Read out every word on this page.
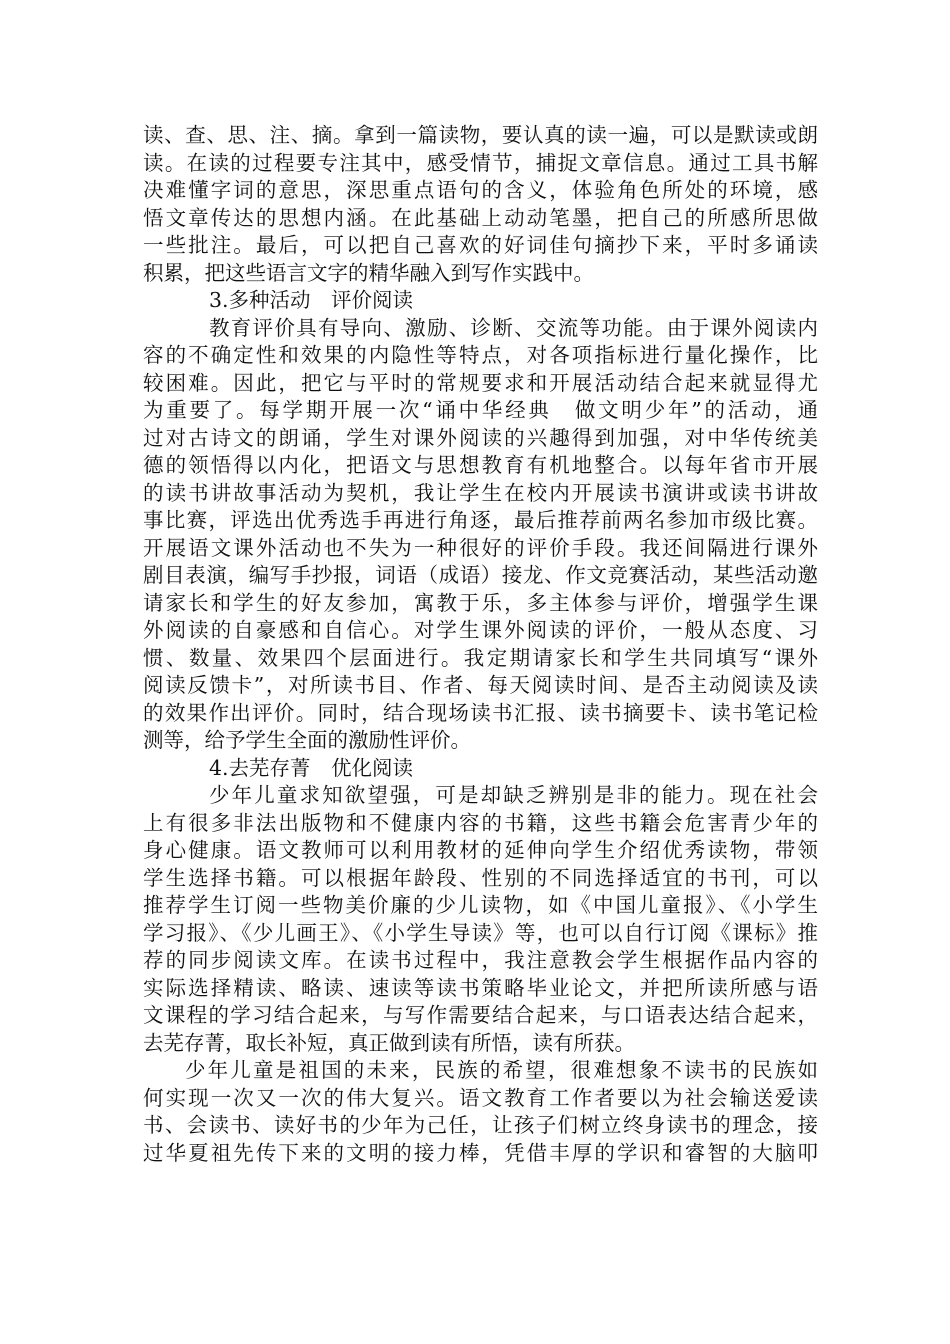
读、查、思、注、摘。拿到一篇读物，要认真的读一遍，可以是默读或朗
读。在读的过程要专注其中，感受情节，捕捉文章信息。通过工具书解
决难懂字词的意思，深思重点语句的含义，体验角色所处的环境，感
悟文章传达的思想内涵。在此基础上动动笔墨，把自己的所感所思做
一些批注。最后，可以把自己喜欢的好词佳句摘抄下来，平时多诵读
积累，把这些语言文字的精华融入到写作实践中。
3.多种活动　评价阅读
教育评价具有导向、激励、诊断、交流等功能。由于课外阅读内
容的不确定性和效果的内隐性等特点，对各项指标进行量化操作，比
较困难。因此，把它与平时的常规要求和开展活动结合起来就显得尤
为重要了。每学期开展一次“诵中华经典　做文明少年”的活动，通
过对古诗文的朗诵，学生对课外阅读的兴趣得到加强，对中华传统美
德的领悟得以内化，把语文与思想教育有机地整合。以每年省市开展
的读书讲故事活动为契机，我让学生在校内开展读书演讲或读书讲故
事比赛，评选出优秀选手再进行角逐，最后推荐前两名参加市级比赛。
开展语文课外活动也不失为一种很好的评价手段。我还间隔进行课外
剧目表演，编写手抄报，词语（成语）接龙、作文竞赛活动，某些活动邀
请家长和学生的好友参加，寓教于乐，多主体参与评价，增强学生课
外阅读的自豪感和自信心。对学生课外阅读的评价，一般从态度、习
惯、数量、效果四个层面进行。我定期请家长和学生共同填写“课外
阅读反馈卡”，对所读书目、作者、每天阅读时间、是否主动阅读及读
的效果作出评价。同时，结合现场读书汇报、读书摘要卡、读书笔记检
测等，给予学生全面的激励性评价。
4.去芜存菁　优化阅读
少年儿童求知欲望强，可是却缺乏辨别是非的能力。现在社会
上有很多非法出版物和不健康内容的书籍，这些书籍会危害青少年的
身心健康。语文教师可以利用教材的延伸向学生介绍优秀读物，带领
学生选择书籍。可以根据年龄段、性别的不同选择适宜的书刊，可以
推荐学生订阅一些物美价廉的少儿读物，如《中国儿童报》、《小学生
学习报》、《少儿画王》、《小学生导读》等，也可以自行订阅《课标》推
荐的同步阅读文库。在读书过程中，我注意教会学生根据作品内容的
实际选择精读、略读、速读等读书策略毕业论文，并把所读所感与语
文课程的学习结合起来，与写作需要结合起来，与口语表达结合起来，
去芜存菁，取长补短，真正做到读有所悟，读有所获。
少年儿童是祖国的未来，民族的希望，很难想象不读书的民族如
何实现一次又一次的伟大复兴。语文教育工作者要以为社会输送爱读
书、会读书、读好书的少年为己任，让孩子们树立终身读书的理念，接
过华夏祖先传下来的文明的接力棒，凭借丰厚的学识和睿智的大脑叩
